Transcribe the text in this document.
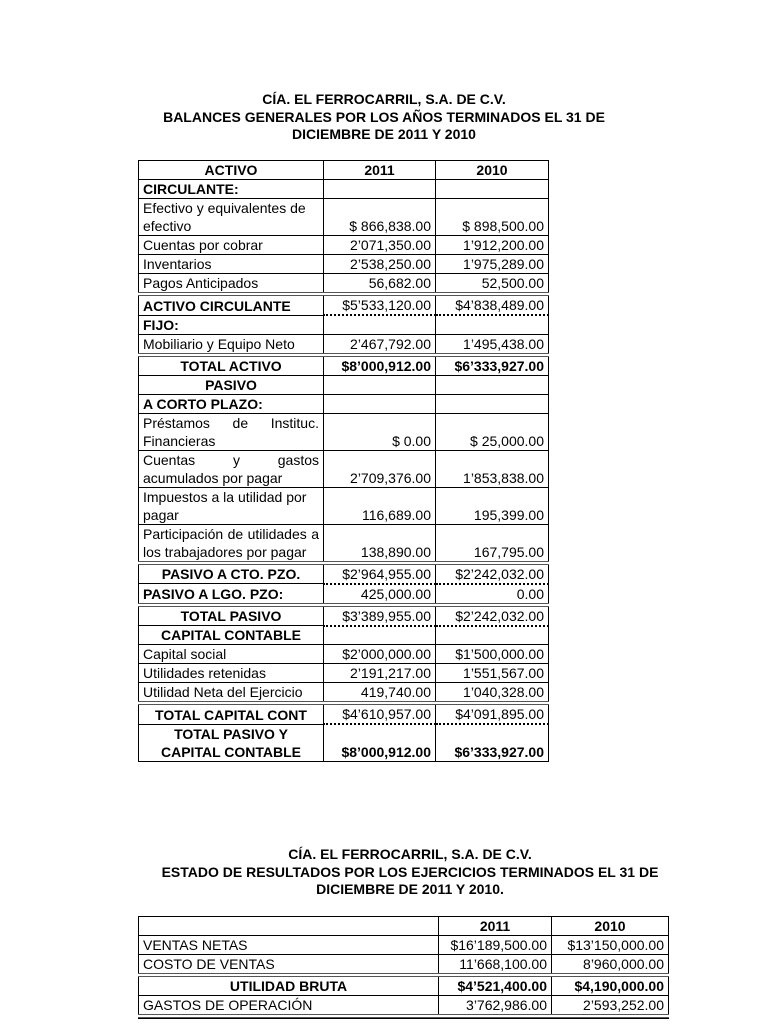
CÍA. EL FERROCARRIL, S.A. DE C.V.
BALANCES GENERALES POR LOS AÑOS TERMINADOS EL 31 DE
DICIEMBRE DE 2011 Y 2010
ACTIVO	2011	2010
CIRCULANTE:		
Efectivo y equivalentes de efectivo	$ 866,838.00	$ 898,500.00
Cuentas por cobrar	2’071,350.00	1’912,200.00
Inventarios	2’538,250.00	1’975,289.00
Pagos Anticipados	56,682.00	52,500.00
ACTIVO CIRCULANTE	$5’533,120.00	$4’838,489.00
FIJO:		
Mobiliario y Equipo Neto	2’467,792.00	1’495,438.00
TOTAL ACTIVO	$8’000,912.00	$6’333,927.00
PASIVO		
A CORTO PLAZO:		
Préstamos de Instituc. Financieras	$ 0.00	$ 25,000.00
Cuentas y gastos acumulados por pagar	2’709,376.00	1’853,838.00
Impuestos a la utilidad por pagar	116,689.00	195,399.00
Participación de utilidades a los trabajadores por pagar	138,890.00	167,795.00
PASIVO A CTO. PZO.	$2’964,955.00	$2’242,032.00
PASIVO A LGO. PZO:	425,000.00	0.00
TOTAL PASIVO	$3’389,955.00	$2’242,032.00
CAPITAL CONTABLE		
Capital social	$2’000,000.00	$1’500,000.00
Utilidades retenidas	2’191,217.00	1’551,567.00
Utilidad Neta del Ejercicio	419,740.00	1’040,328.00
TOTAL CAPITAL CONT	$4’610,957.00	$4’091,895.00
TOTAL PASIVO Y CAPITAL CONTABLE	$8’000,912.00	$6’333,927.00
CÍA. EL FERROCARRIL, S.A. DE C.V.
ESTADO DE RESULTADOS POR LOS EJERCICIOS TERMINADOS EL 31 DE
DICIEMBRE DE 2011 Y 2010.
	2011	2010
VENTAS NETAS	$16’189,500.00	$13’150,000.00
COSTO DE VENTAS	11’668,100.00	8’960,000.00
UTILIDAD BRUTA	$4’521,400.00	$4,190,000.00
GASTOS DE OPERACIÓN	3’762,986.00	2’593,252.00
